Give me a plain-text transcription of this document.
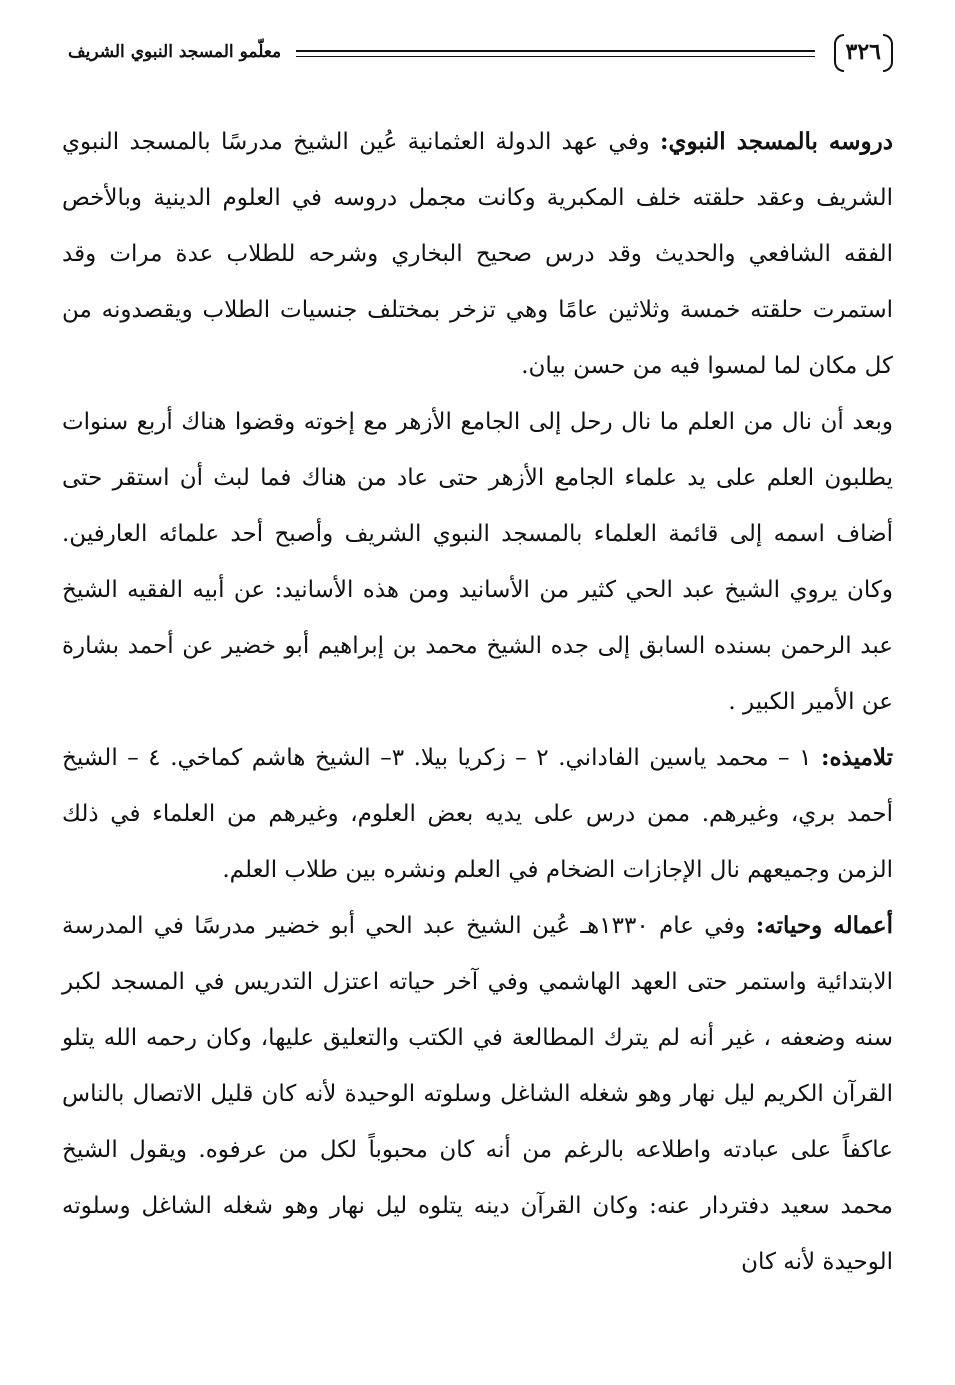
٣٢٦
معلّمو المسجد النبوي الشريف

دروسه بالمسجد النبوي: وفي عهد الدولة العثمانية عُين الشيخ مدرسًا بالمسجد النبوي الشريف وعقد حلقته خلف المكبرية وكانت مجمل دروسه في العلوم الدينية وبالأخص الفقه الشافعي والحديث وقد درس صحيح البخاري وشرحه للطلاب عدة مرات وقد استمرت حلقته خمسة وثلاثين عامًا وهي تزخر بمختلف جنسيات الطلاب ويقصدونه من كل مكان لما لمسوا فيه من حسن بيان.

وبعد أن نال من العلم ما نال رحل إلى الجامع الأزهر مع إخوته وقضوا هناك أربع سنوات يطلبون العلم على يد علماء الجامع الأزهر حتى عاد من هناك فما لبث أن استقر حتى أضاف اسمه إلى قائمة العلماء بالمسجد النبوي الشريف وأصبح أحد علمائه العارفين. وكان يروي الشيخ عبد الحي كثير من الأسانيد ومن هذه الأسانيد: عن أبيه الفقيه الشيخ عبد الرحمن بسنده السابق إلى جده الشيخ محمد بن إبراهيم أبو خضير عن أحمد بشارة عن الأمير الكبير .

تلاميذه: ١ – محمد ياسين الفاداني. ٢ – زكريا بيلا. ٣– الشيخ هاشم كماخي. ٤ – الشيخ أحمد بري، وغيرهم. ممن درس على يديه بعض العلوم، وغيرهم من العلماء في ذلك الزمن وجميعهم نال الإجازات الضخام في العلم ونشره بين طلاب العلم.

أعماله وحياته: وفي عام ١٣٣٠هـ عُين الشيخ عبد الحي أبو خضير مدرسًا في المدرسة الابتدائية واستمر حتى العهد الهاشمي وفي آخر حياته اعتزل التدريس في المسجد لكبر سنه وضعفه ، غير أنه لم يترك المطالعة في الكتب والتعليق عليها، وكان رحمه الله يتلو القرآن الكريم ليل نهار وهو شغله الشاغل وسلوته الوحيدة لأنه كان قليل الاتصال بالناس عاكفاً على عبادته واطلاعه بالرغم من أنه كان محبوباً لكل من عرفوه. ويقول الشيخ محمد سعيد دفتردار عنه: وكان القرآن دينه يتلوه ليل نهار وهو شغله الشاغل وسلوته الوحيدة لأنه كان
